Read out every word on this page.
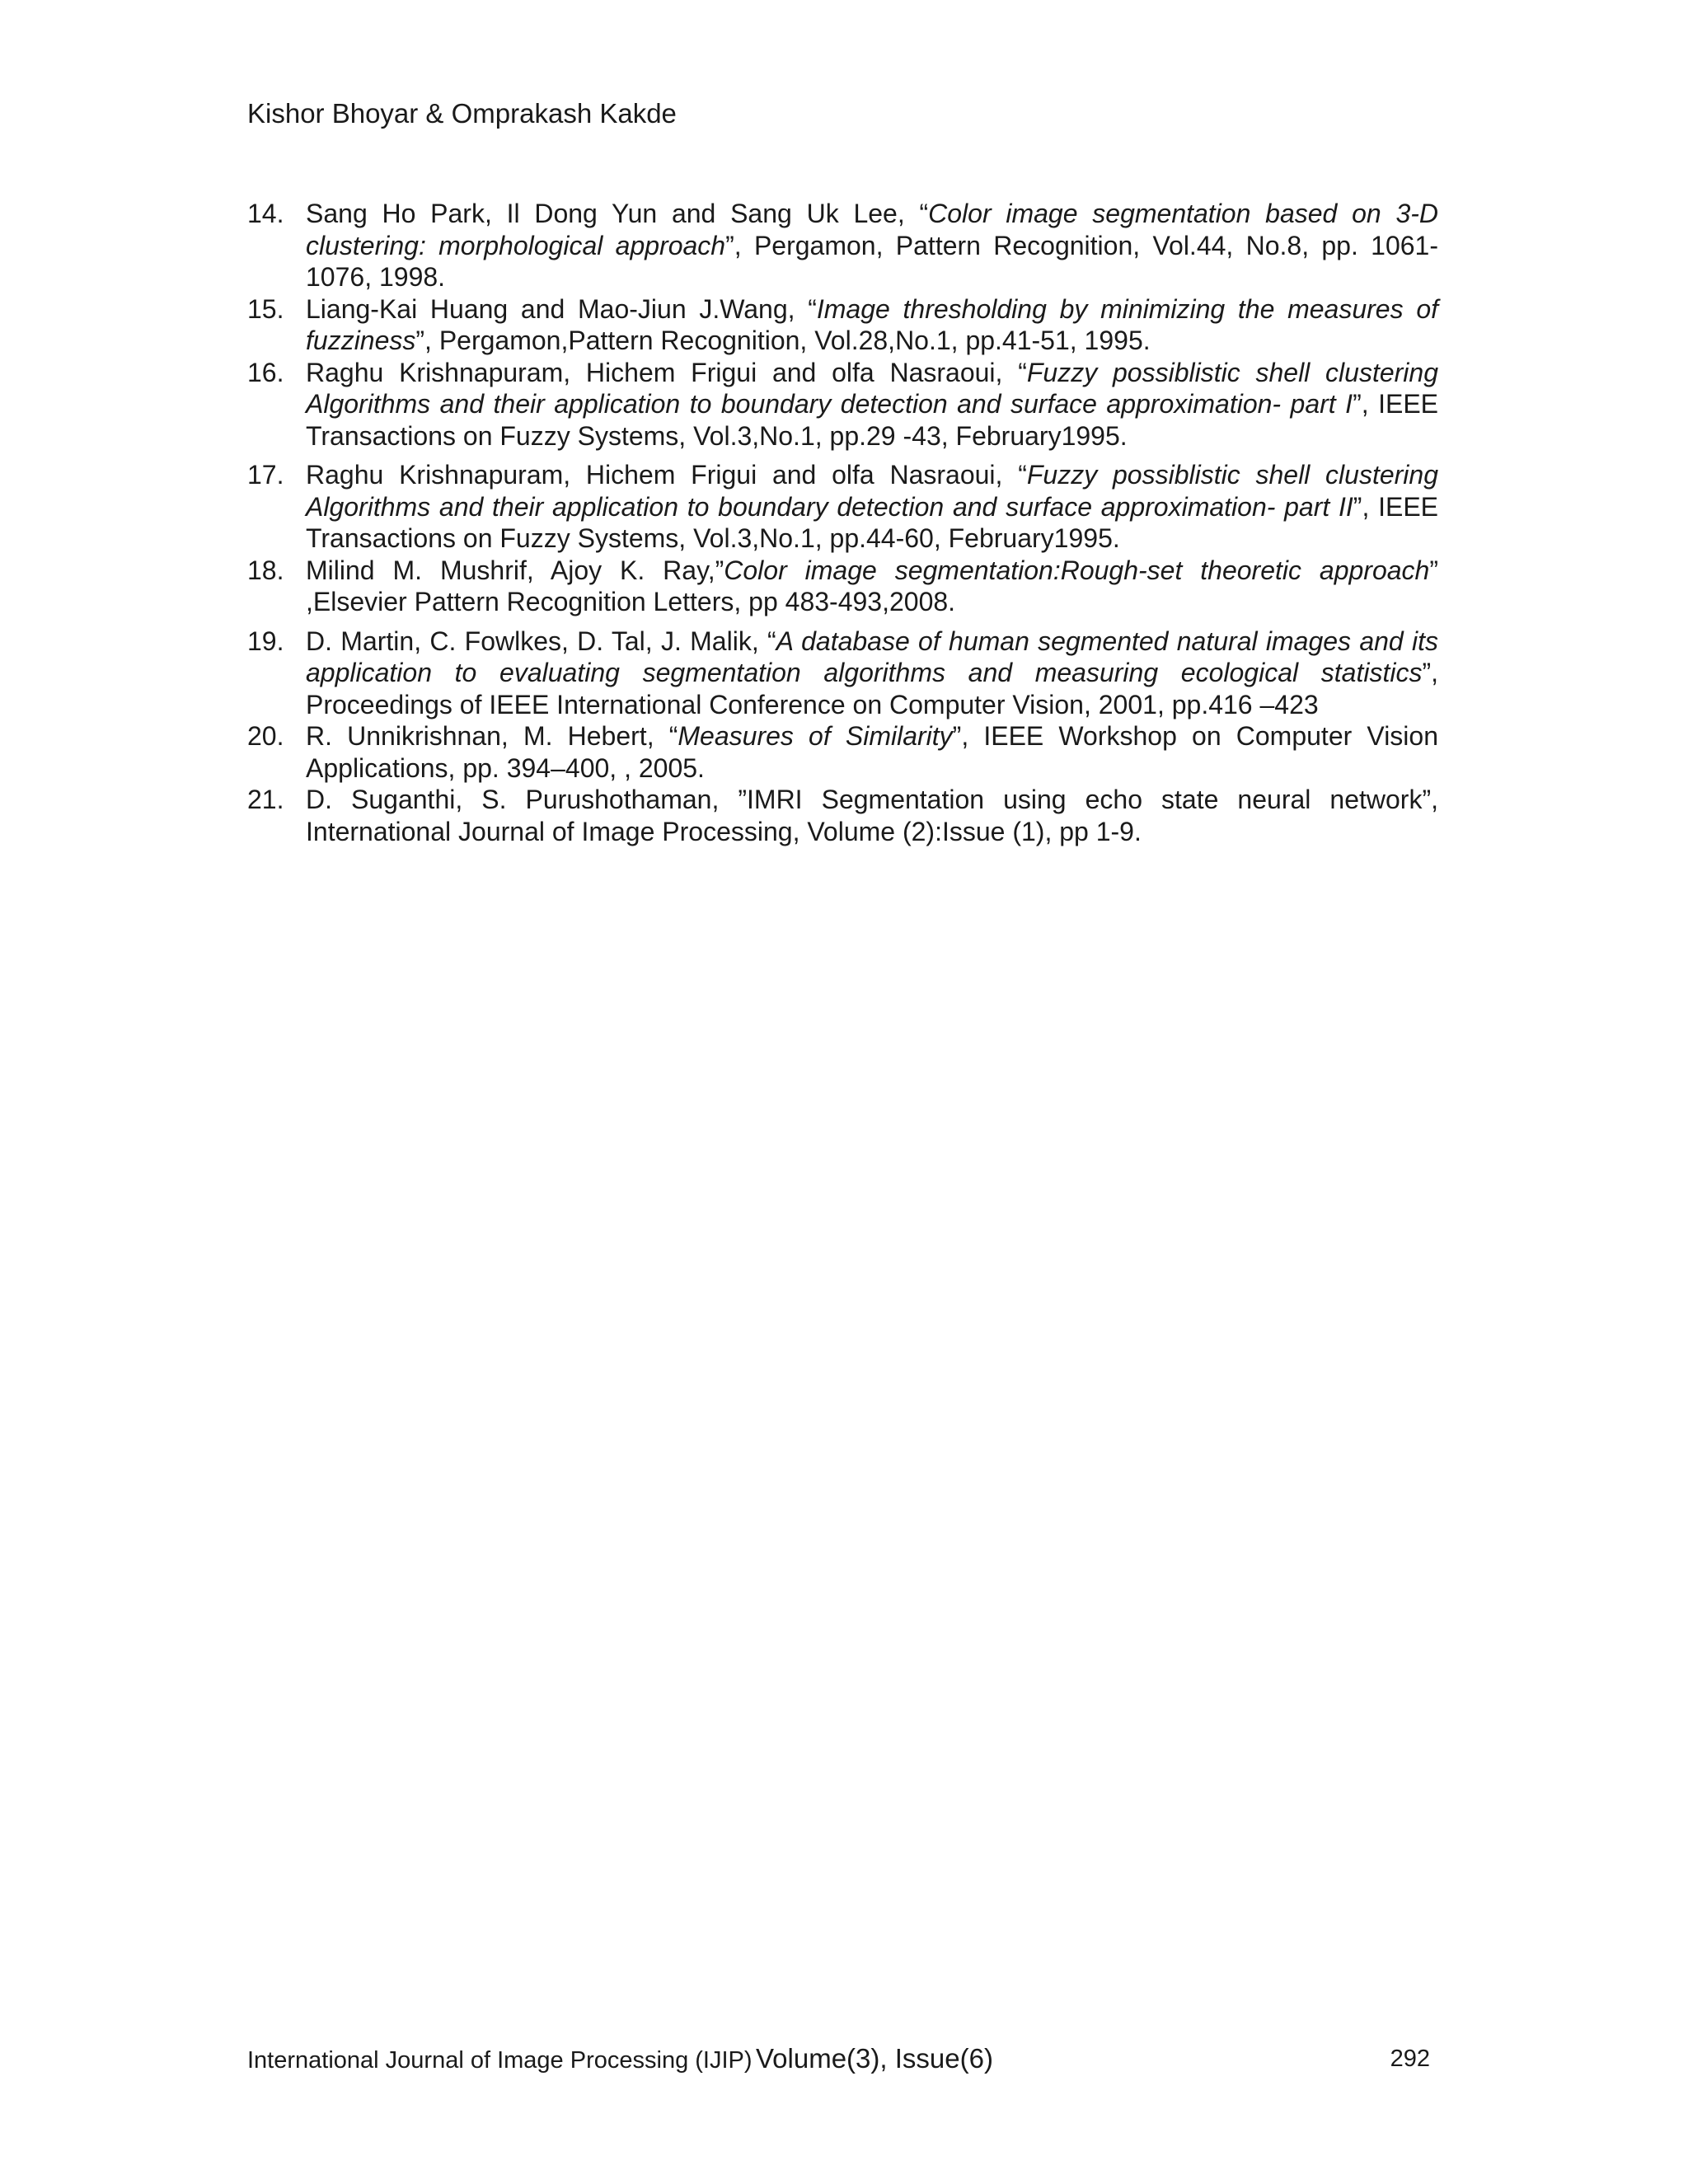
Kishor Bhoyar & Omprakash Kakde
14. Sang Ho Park, Il Dong Yun and Sang Uk Lee, “Color image segmentation based on 3-D clustering: morphological approach”, Pergamon, Pattern Recognition, Vol.44, No.8, pp. 1061-1076, 1998.
15. Liang-Kai Huang and Mao-Jiun J.Wang, “Image thresholding by minimizing the measures of fuzziness”, Pergamon,Pattern Recognition, Vol.28,No.1, pp.41-51, 1995.
16. Raghu Krishnapuram, Hichem Frigui and olfa Nasraoui, “Fuzzy possiblistic shell clustering Algorithms and their application to boundary detection and surface approximation- part I”, IEEE Transactions on Fuzzy Systems, Vol.3,No.1, pp.29 -43, February1995.
17. Raghu Krishnapuram, Hichem Frigui and olfa Nasraoui, “Fuzzy possiblistic shell clustering Algorithms and their application to boundary detection and surface approximation- part II”, IEEE Transactions on Fuzzy Systems, Vol.3,No.1, pp.44-60, February1995.
18. Milind M. Mushrif, Ajoy K. Ray,”Color image segmentation:Rough-set theoretic approach” ,Elsevier Pattern Recognition Letters, pp 483-493,2008.
19. D. Martin, C. Fowlkes, D. Tal, J. Malik, “A database of human segmented natural images and its application to evaluating segmentation algorithms and measuring ecological statistics”, Proceedings of IEEE International Conference on Computer Vision, 2001, pp.416 –423
20. R. Unnikrishnan, M. Hebert, “Measures of Similarity”, IEEE Workshop on Computer Vision Applications, pp. 394–400, , 2005.
21. D. Suganthi, S. Purushothaman, ”IMRI Segmentation using echo state neural network”, International Journal of Image Processing, Volume (2):Issue (1), pp 1-9.
International Journal of Image Processing (IJIP) Volume(3), Issue(6)	292
